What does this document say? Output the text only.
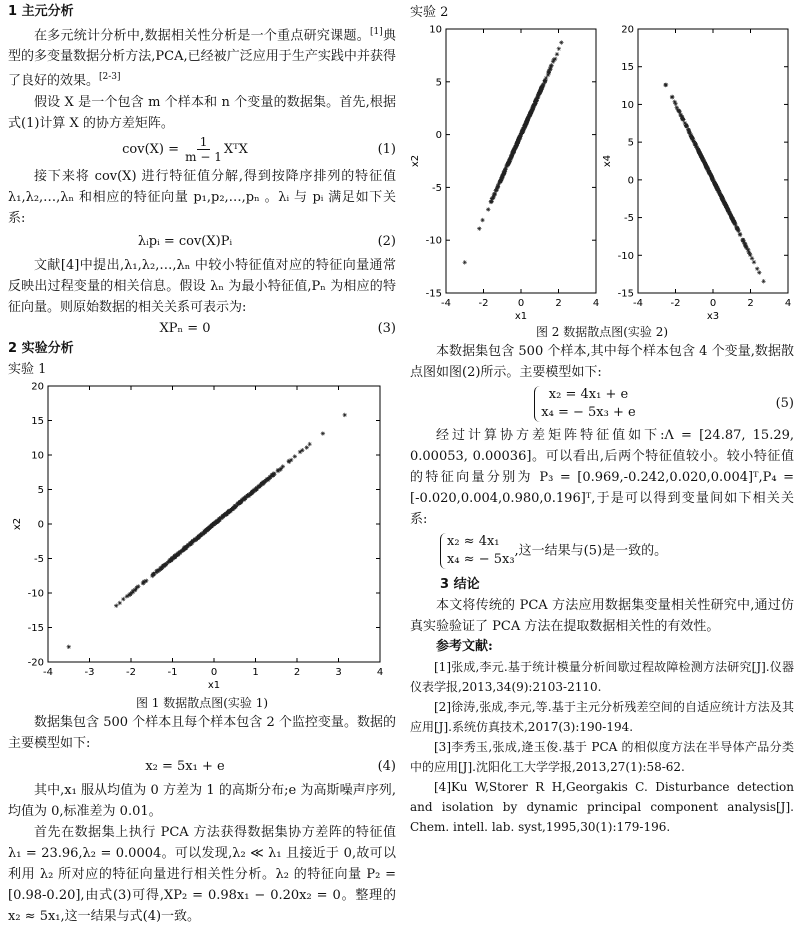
1 主元分析

在多元统计分析中,数据相关性分析是一个重点研究课题。[1]典型的多变量数据分析方法,PCA,已经被广泛应用于生产实践中并获得了良好的效果。[2-3]

假设 X 是一个包含 m 个样本和 n 个变量的数据集。首先,根据式(1)计算 X 的协方差矩阵。

$cov(X) = \frac{1}{m - 1}$ XᵀX	(1)

接下来将 cov(X) 进行特征值分解,得到按降序排列的特征值 λ₁,λ₂,…,λₙ 和相应的特征向量 p₁,p₂,…,pₙ 。λᵢ 与 pᵢ 满足如下关系:

λᵢpᵢ = cov(X)Pᵢ	(2)

文献[4]中提出,λ₁,λ₂,…,λₙ 中较小特征值对应的特征向量通常反映出过程变量的相关信息。假设 λₙ 为最小特征值,Pₙ 为相应的特征向量。则原始数据的相关关系可表示为:

XPₙ = 0	(3)
2 实验分析

实验 1

-4	-3	-2	-1	0	1	2	3	4
20
15
10
5
0
-5
-10
-15
-20
x1
x2

图 1 数据散点图(实验 1)

数据集包含 500 个样本且每个样本包含 2 个监控变量。数据的主要模型如下:

x₂ = 5x₁ + e	(4)

其中,x₁ 服从均值为 0 方差为 1 的高斯分布;e 为高斯噪声序列,均值为 0,标准差为 0.01。

首先在数据集上执行 PCA 方法获得数据集协方差阵的特征值 λ₁ = 23.96,λ₂ = 0.0004。可以发现,λ₂ ≪ λ₁ 且接近于 0,故可以利用 λ₂ 所对应的特征向量进行相关性分析。λ₂ 的特征向量 P₂ = [0.98-0.20],由式(3)可得,XP₂ = 0.98x₁ − 0.20x₂ = 0。整理的 x₂ ≈ 5x₁,这一结果与式(4)一致。

实验 2

-4	-2	0	2	4
10
5
0
-5
-10
-15
x1
x2
-4	-2	0	2	4
20
15
10
5
0
-5
-10
-15
x3
x4

图 2 数据散点图(实验 2)

本数据集包含 500 个样本,其中每个样本包含 4 个变量,数据散点图如图(2)所示。主要模型如下:

x₂ = 4x₁ + e
x₄ = − 5x₃ + e
(5)

经过计算协方差矩阵特征值如下:Λ = [24.87, 15.29, 0.00053, 0.00036]。可以看出,后两个特征值较小。较小特征值的特征向量分别为 P₃ = [0.969,-0.242,0.020,0.004]ᵀ,P₄ = [-0.020,0.004,0.980,0.196]ᵀ,于是可以得到变量间如下相关关系:

x₂ ≈ 4x₁
x₄ ≈ − 5x₃,这一结果与(5)是一致的。
3 结论

本文将传统的 PCA 方法应用数据集变量相关性研究中,通过仿真实验验证了 PCA 方法在提取数据相关性的有效性。

参考文献:

[1]张成,李元.基于统计模量分析间歇过程故障检测方法研究[J].仪器仪表学报,2013,34(9):2103-2110.

[2]徐涛,张成,李元,等.基于主元分析残差空间的自适应统计方法及其应用[J].系统仿真技术,2017(3):190-194.

[3]李秀玉,张成,逄玉俊.基于 PCA 的相似度方法在半导体产品分类中的应用[J].沈阳化工大学学报,2013,27(1):58-62.

[4]Ku W,Storer R H,Georgakis C. Disturbance detection and isolation by dynamic principal component analysis[J]. Chem. intell. lab. syst,1995,30(1):179-196.
